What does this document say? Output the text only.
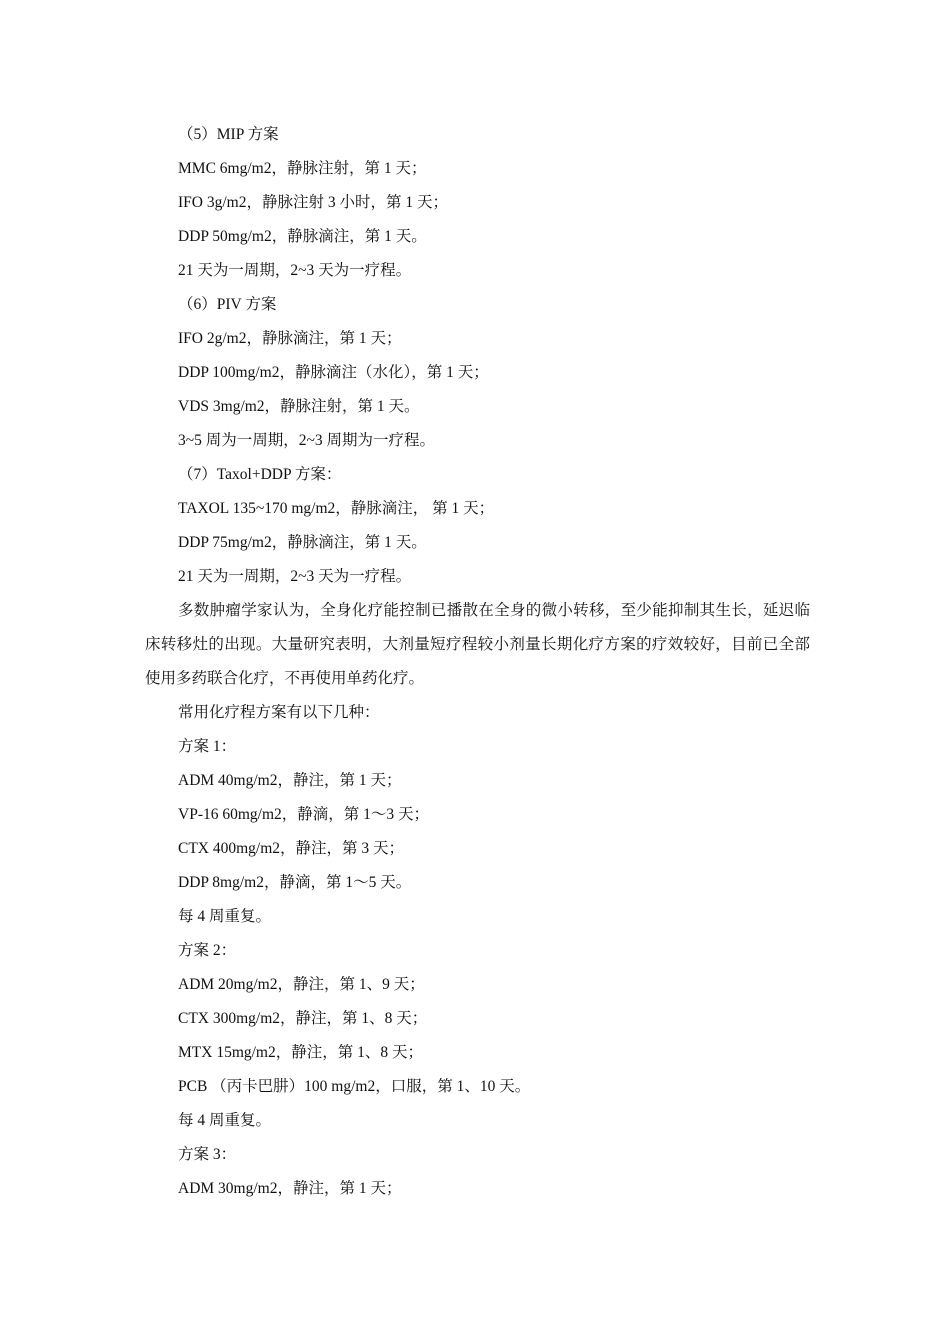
（5）MIP 方案
MMC 6mg/m2，静脉注射，第 1 天；
IFO 3g/m2，静脉注射 3 小时，第 1 天；
DDP 50mg/m2，静脉滴注，第 1 天。
21 天为一周期，2~3 天为一疗程。
（6）PIV 方案
IFO 2g/m2，静脉滴注，第 1 天；
DDP 100mg/m2，静脉滴注（水化），第 1 天；
VDS 3mg/m2，静脉注射，第 1 天。
3~5 周为一周期，2~3 周期为一疗程。
（7）Taxol+DDP 方案：
TAXOL 135~170 mg/m2，静脉滴注， 第 1 天；
DDP 75mg/m2，静脉滴注，第 1 天。
21 天为一周期，2~3 天为一疗程。
多数肿瘤学家认为，全身化疗能控制已播散在全身的微小转移，至少能抑制其生长，延迟临床转移灶的出现。大量研究表明，大剂量短疗程较小剂量长期化疗方案的疗效较好，目前已全部使用多药联合化疗，不再使用单药化疗。
常用化疗程方案有以下几种：
方案 1：
ADM 40mg/m2，静注，第 1 天；
VP-16 60mg/m2，静滴，第 1～3 天；
CTX 400mg/m2，静注，第 3 天；
DDP 8mg/m2，静滴，第 1～5 天。
每 4 周重复。
方案 2：
ADM 20mg/m2，静注，第 1、9 天；
CTX 300mg/m2，静注，第 1、8 天；
MTX 15mg/m2，静注，第 1、8 天；
PCB （丙卡巴肼）100 mg/m2，口服，第 1、10 天。
每 4 周重复。
方案 3：
ADM 30mg/m2，静注，第 1 天；
